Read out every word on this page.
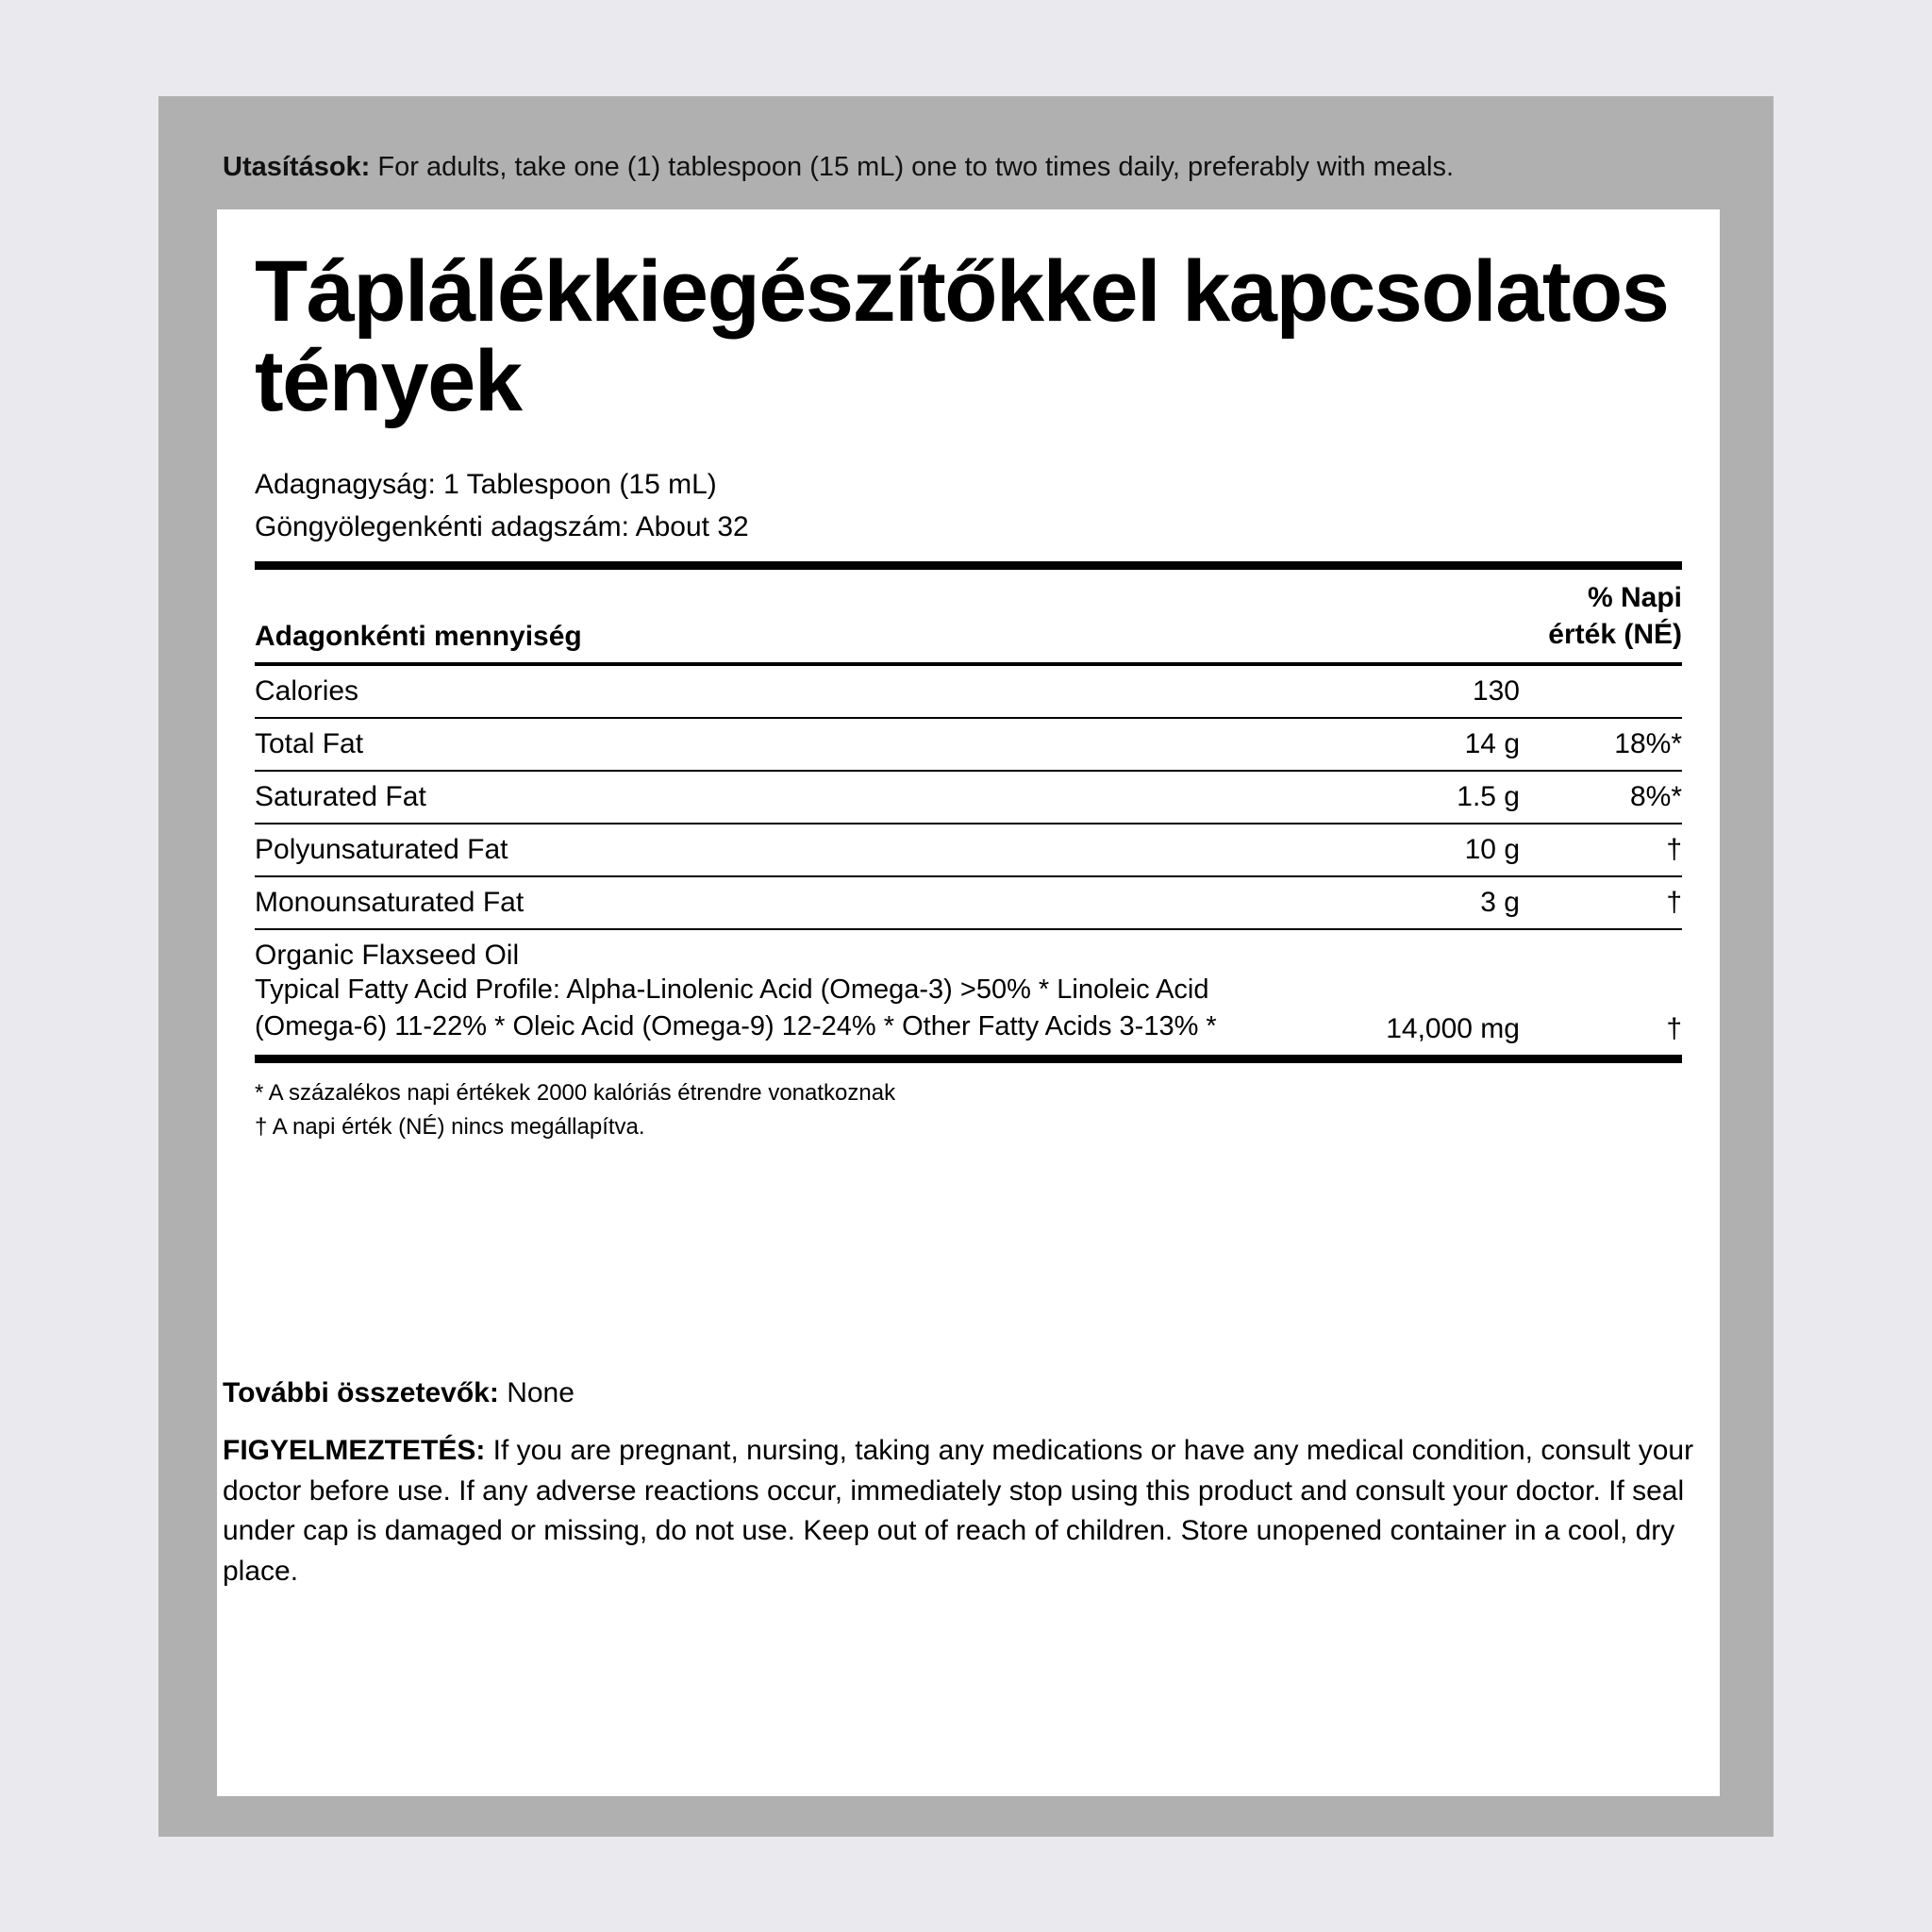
Utasítások: For adults, take one (1) tablespoon (15 mL) one to two times daily, preferably with meals.
Táplálékkiegészítőkkel kapcsolatos tények
Adagnagyság: 1 Tablespoon (15 mL)
Göngyölegenkénti adagszám: About 32
Adagonkénti mennyiség		% Napi érték (NÉ)
Calories	130	
Total Fat	14 g	18%*
Saturated Fat	1.5 g	8%*
Polyunsaturated Fat	10 g	†
Monounsaturated Fat	3 g	†

Organic Flaxseed Oil
Typical Fatty Acid Profile: Alpha-Linolenic Acid (Omega-3) >50% * Linoleic Acid (Omega-6) 11-22% * Oleic Acid (Omega-9) 12-24% * Other Fatty Acids 3-13% *	14,000 mg	†
* A százalékos napi értékek 2000 kalóriás étrendre vonatkoznak
† A napi érték (NÉ) nincs megállapítva.
További összetevők: None
FIGYELMEZTETÉS: If you are pregnant, nursing, taking any medications or have any medical condition, consult your doctor before use. If any adverse reactions occur, immediately stop using this product and consult your doctor. If seal under cap is damaged or missing, do not use. Keep out of reach of children. Store unopened container in a cool, dry place.
